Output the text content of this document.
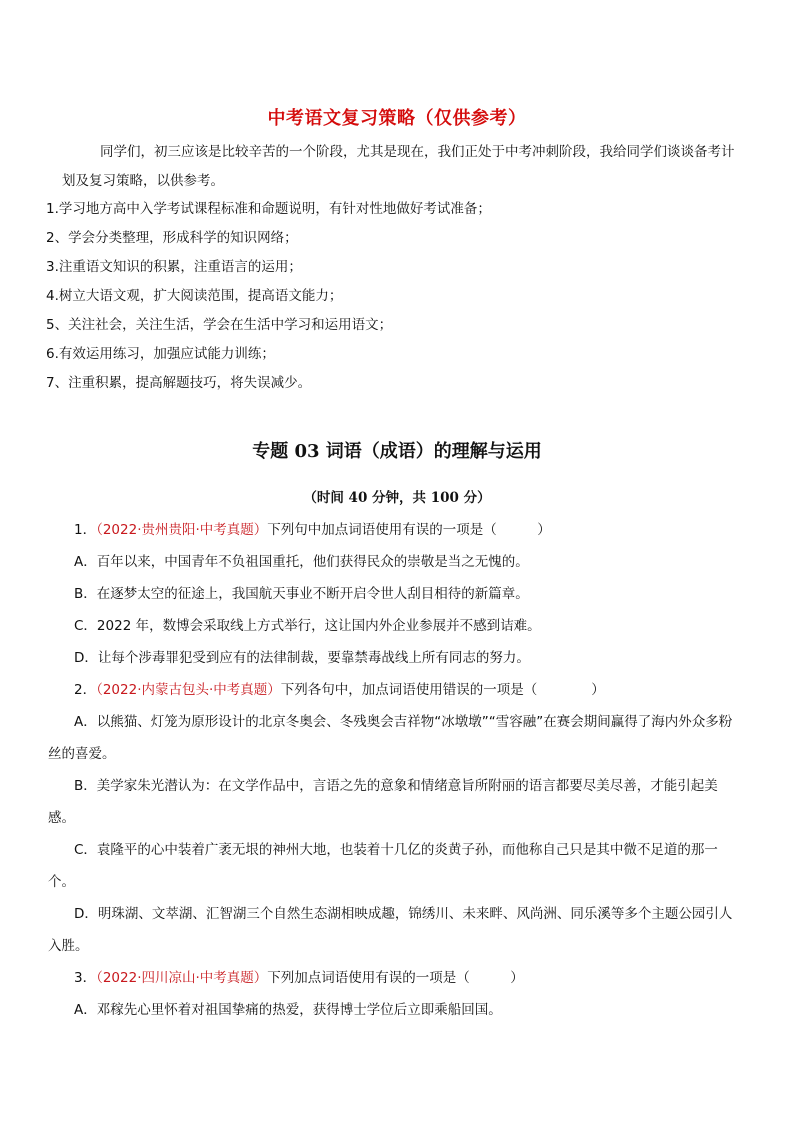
中考语文复习策略（仅供参考）
同学们，初三应该是比较辛苦的一个阶段，尤其是现在，我们正处于中考冲刺阶段，我给同学们谈谈备考计划及复习策略，以供参考。
1.学习地方高中入学考试课程标准和命题说明，有针对性地做好考试准备；
2、学会分类整理，形成科学的知识网络；
3.注重语文知识的积累，注重语言的运用；
4.树立大语文观，扩大阅读范围，提高语文能力；
5、关注社会，关注生活，学会在生活中学习和运用语文；
6.有效运用练习，加强应试能力训练；
7、注重积累，提高解题技巧，将失误减少。
专题 03 词语（成语）的理解与运用
（时间 40 分钟，共 100 分）
1．（2022·贵州贵阳·中考真题）下列句中加点词语使用有误的一项是（　　　）
A．百年以来，中国青年不负祖国重托，他们获得民众的崇敬是当之无愧的。
B．在逐梦太空的征途上，我国航天事业不断开启令世人刮目相待的新篇章。
C．2022 年，数博会采取线上方式举行，这让国内外企业参展并不感到诘难。
D．让每个涉毒罪犯受到应有的法律制裁，要靠禁毒战线上所有同志的努力。
2．（2022·内蒙古包头·中考真题）下列各句中，加点词语使用错误的一项是（　　　　）
A．以熊猫、灯笼为原形设计的北京冬奥会、冬残奥会吉祥物“冰墩墩”“雪容融”在赛会期间赢得了海内外众多粉丝的喜爱。
B．美学家朱光潜认为：在文学作品中，言语之先的意象和情绪意旨所附丽的语言都要尽美尽善，才能引起美感。
C．袁隆平的心中装着广袤无垠的神州大地，也装着十几亿的炎黄子孙，而他称自己只是其中微不足道的那一个。
D．明珠湖、文萃湖、汇智湖三个自然生态湖相映成趣，锦绣川、未来畔、风尚洲、同乐溪等多个主题公园引人入胜。
3．（2022·四川凉山·中考真题）下列加点词语使用有误的一项是（　　　）
A．邓稼先心里怀着对祖国挚痛的热爱，获得博士学位后立即乘船回国。
